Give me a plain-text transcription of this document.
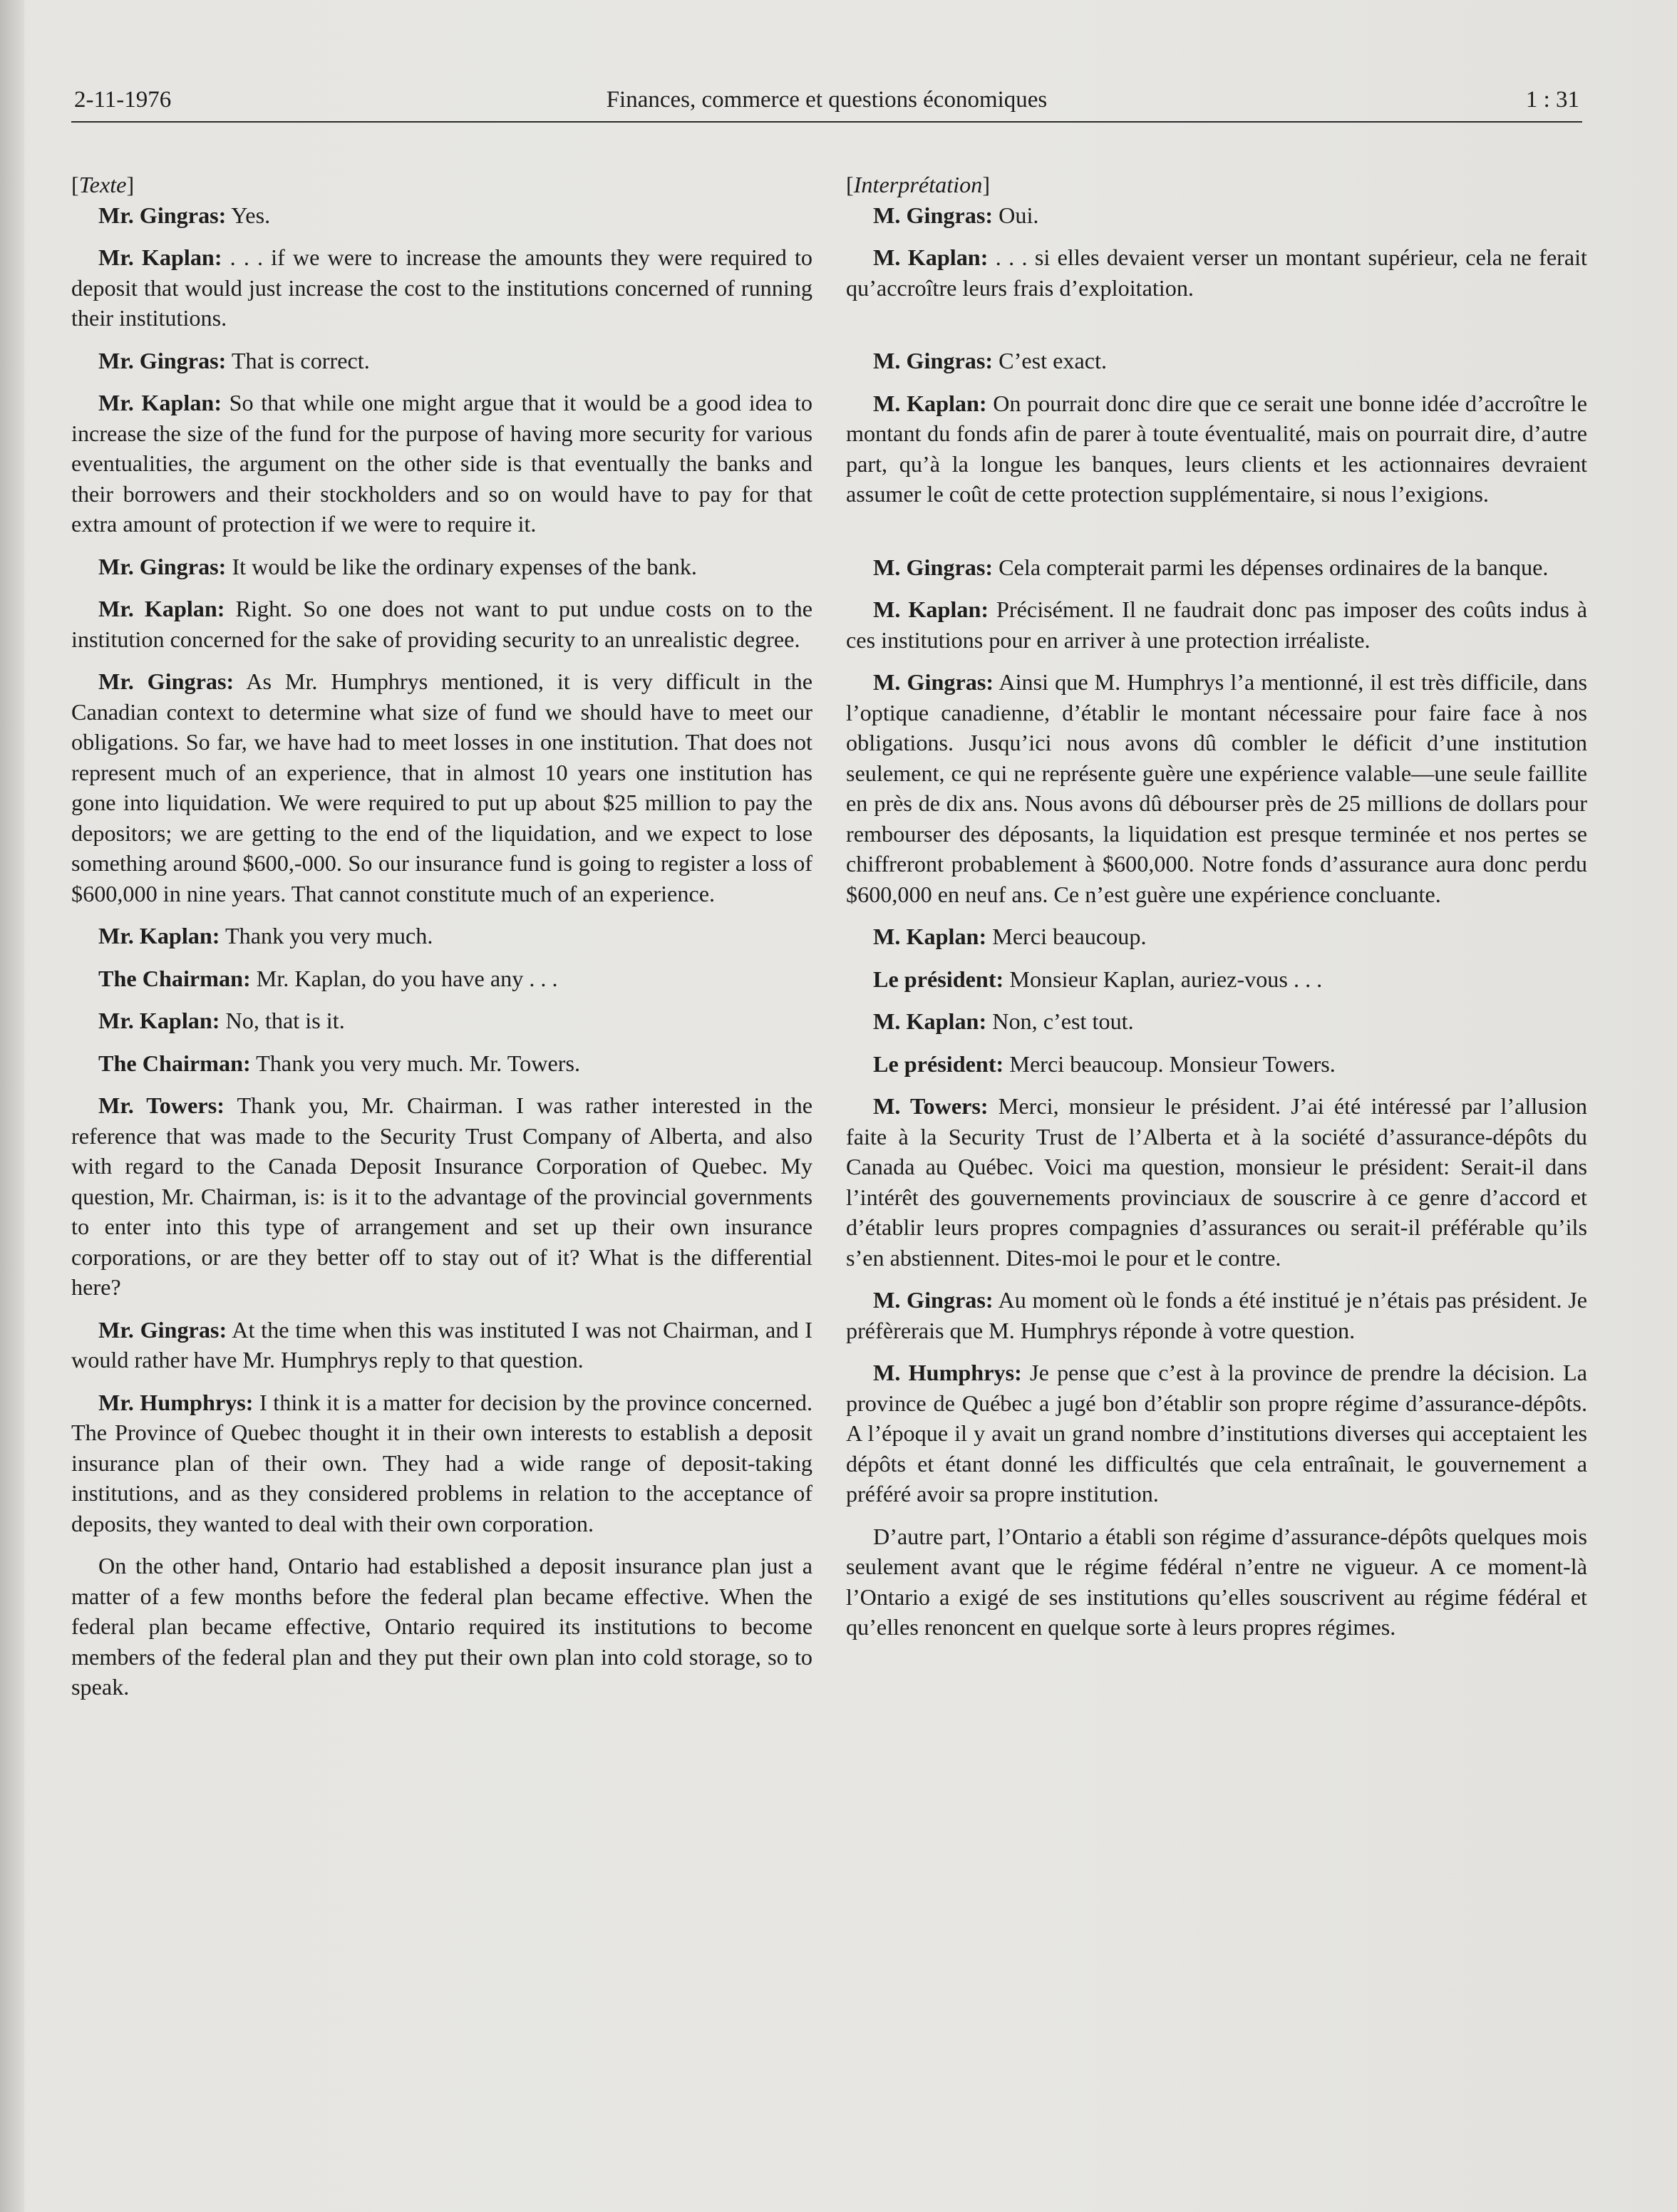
2-11-1976	Finances, commerce et questions économiques	1 : 31
[Texte]

Mr. Gingras: Yes.

Mr. Kaplan: . . . if we were to increase the amounts they were required to deposit that would just increase the cost to the institutions concerned of running their institutions.

Mr. Gingras: That is correct.

Mr. Kaplan: So that while one might argue that it would be a good idea to increase the size of the fund for the purpose of having more security for various eventualities, the argument on the other side is that eventually the banks and their borrowers and their stockholders and so on would have to pay for that extra amount of protection if we were to require it.

Mr. Gingras: It would be like the ordinary expenses of the bank.

Mr. Kaplan: Right. So one does not want to put undue costs on to the institution concerned for the sake of providing security to an unrealistic degree.

Mr. Gingras: As Mr. Humphrys mentioned, it is very difficult in the Canadian context to determine what size of fund we should have to meet our obligations. So far, we have had to meet losses in one institution. That does not represent much of an experience, that in almost 10 years one institution has gone into liquidation. We were required to put up about $25 million to pay the depositors; we are getting to the end of the liquidation, and we expect to lose something around $600,-000. So our insurance fund is going to register a loss of $600,000 in nine years. That cannot constitute much of an experience.

Mr. Kaplan: Thank you very much.

The Chairman: Mr. Kaplan, do you have any . . .

Mr. Kaplan: No, that is it.

The Chairman: Thank you very much. Mr. Towers.

Mr. Towers: Thank you, Mr. Chairman. I was rather interested in the reference that was made to the Security Trust Company of Alberta, and also with regard to the Canada Deposit Insurance Corporation of Quebec. My question, Mr. Chairman, is: is it to the advantage of the provincial governments to enter into this type of arrangement and set up their own insurance corporations, or are they better off to stay out of it? What is the differential here?

Mr. Gingras: At the time when this was instituted I was not Chairman, and I would rather have Mr. Humphrys reply to that question.

Mr. Humphrys: I think it is a matter for decision by the province concerned. The Province of Quebec thought it in their own interests to establish a deposit insurance plan of their own. They had a wide range of deposit-taking institutions, and as they considered problems in relation to the acceptance of deposits, they wanted to deal with their own corporation.

On the other hand, Ontario had established a deposit insurance plan just a matter of a few months before the federal plan became effective. When the federal plan became effective, Ontario required its institutions to become members of the federal plan and they put their own plan into cold storage, so to speak.

[Interprétation]

M. Gingras: Oui.

M. Kaplan: . . . si elles devaient verser un montant supérieur, cela ne ferait qu’accroître leurs frais d’exploitation.

M. Gingras: C’est exact.

M. Kaplan: On pourrait donc dire que ce serait une bonne idée d’accroître le montant du fonds afin de parer à toute éventualité, mais on pourrait dire, d’autre part, qu’à la longue les banques, leurs clients et les actionnaires devraient assumer le coût de cette protection supplémentaire, si nous l’exigions.

M. Gingras: Cela compterait parmi les dépenses ordinaires de la banque.

M. Kaplan: Précisément. Il ne faudrait donc pas imposer des coûts indus à ces institutions pour en arriver à une protection irréaliste.

M. Gingras: Ainsi que M. Humphrys l’a mentionné, il est très difficile, dans l’optique canadienne, d’établir le montant nécessaire pour faire face à nos obligations. Jusqu’ici nous avons dû combler le déficit d’une institution seulement, ce qui ne représente guère une expérience valable—une seule faillite en près de dix ans. Nous avons dû débourser près de 25 millions de dollars pour rembourser des déposants, la liquidation est presque terminée et nos pertes se chiffreront probablement à $600,000. Notre fonds d’assurance aura donc perdu $600,000 en neuf ans. Ce n’est guère une expérience concluante.

M. Kaplan: Merci beaucoup.

Le président: Monsieur Kaplan, auriez-vous . . .

M. Kaplan: Non, c’est tout.

Le président: Merci beaucoup. Monsieur Towers.

M. Towers: Merci, monsieur le président. J’ai été intéressé par l’allusion faite à la Security Trust de l’Alberta et à la société d’assurance-dépôts du Canada au Québec. Voici ma question, monsieur le président: Serait-il dans l’intérêt des gouvernements provinciaux de souscrire à ce genre d’accord et d’établir leurs propres compagnies d’assurances ou serait-il préférable qu’ils s’en abstiennent. Dites-moi le pour et le contre.

M. Gingras: Au moment où le fonds a été institué je n’étais pas président. Je préfèrerais que M. Humphrys réponde à votre question.

M. Humphrys: Je pense que c’est à la province de prendre la décision. La province de Québec a jugé bon d’établir son propre régime d’assurance-dépôts. A l’époque il y avait un grand nombre d’institutions diverses qui acceptaient les dépôts et étant donné les difficultés que cela entraînait, le gouvernement a préféré avoir sa propre institution.

D’autre part, l’Ontario a établi son régime d’assurance-dépôts quelques mois seulement avant que le régime fédéral n’entre ne vigueur. A ce moment-là l’Ontario a exigé de ses institutions qu’elles souscrivent au régime fédéral et qu’elles renoncent en quelque sorte à leurs propres régimes.
